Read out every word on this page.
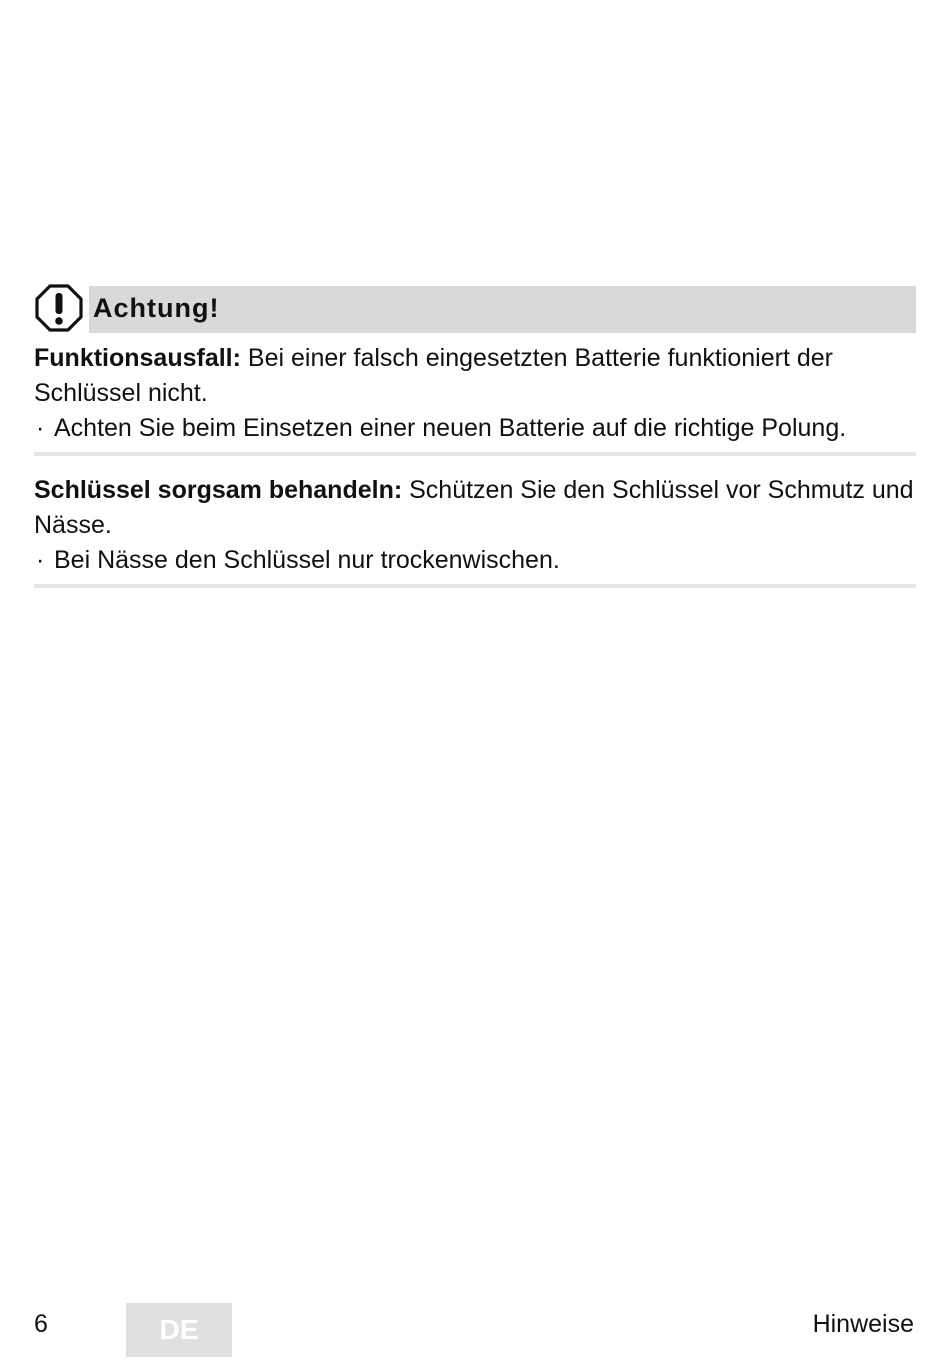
Achtung!

Funktionsausfall: Bei einer falsch eingesetzten Batterie funktioniert der Schlüssel nicht.

· Achten Sie beim Einsetzen einer neuen Batterie auf die richtige Polung.

Schlüssel sorgsam behandeln: Schützen Sie den Schlüssel vor Schmutz und Nässe.

· Bei Nässe den Schlüssel nur trockenwischen.

6	DE	Hinweise
